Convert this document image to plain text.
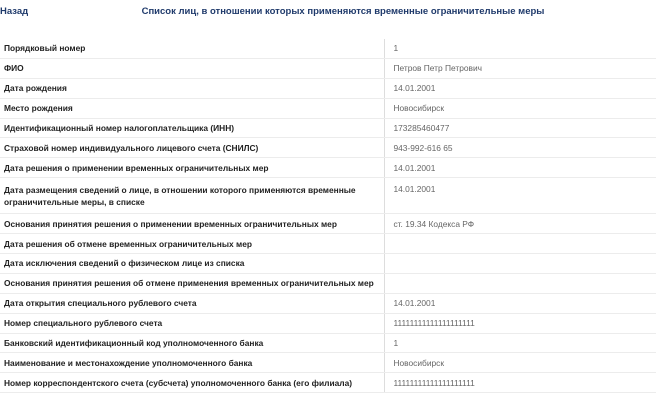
Назад	Список лиц, в отношении которых применяются временные ограничительные меры
Порядковый номер	1
ФИО	Петров Петр Петрович
Дата рождения	14.01.2001
Место рождения	Новосибирск
Идентификационный номер налогоплательщика (ИНН)	173285460477
Страховой номер индивидуального лицевого счета (СНИЛС)	943-992-616 65
Дата решения о применении временных ограничительных мер	14.01.2001
Дата размещения сведений о лице, в отношении которого применяются временные ограничительные меры, в списке	14.01.2001
Основания принятия решения о применении временных ограничительных мер	ст. 19.34 Кодекса РФ
Дата решения об отмене временных ограничительных мер	
Дата исключения сведений о физическом лице из списка	
Основания принятия решения об отмене применения временных ограничительных мер	
Дата открытия специального рублевого счета	14.01.2001
Номер специального рублевого счета	11111111111111111111
Банковский идентификационный код уполномоченного банка	1
Наименование и местонахождение уполномоченного банка	Новосибирск
Номер корреспондентского счета (субсчета) уполномоченного банка (его филиала)	11111111111111111111
